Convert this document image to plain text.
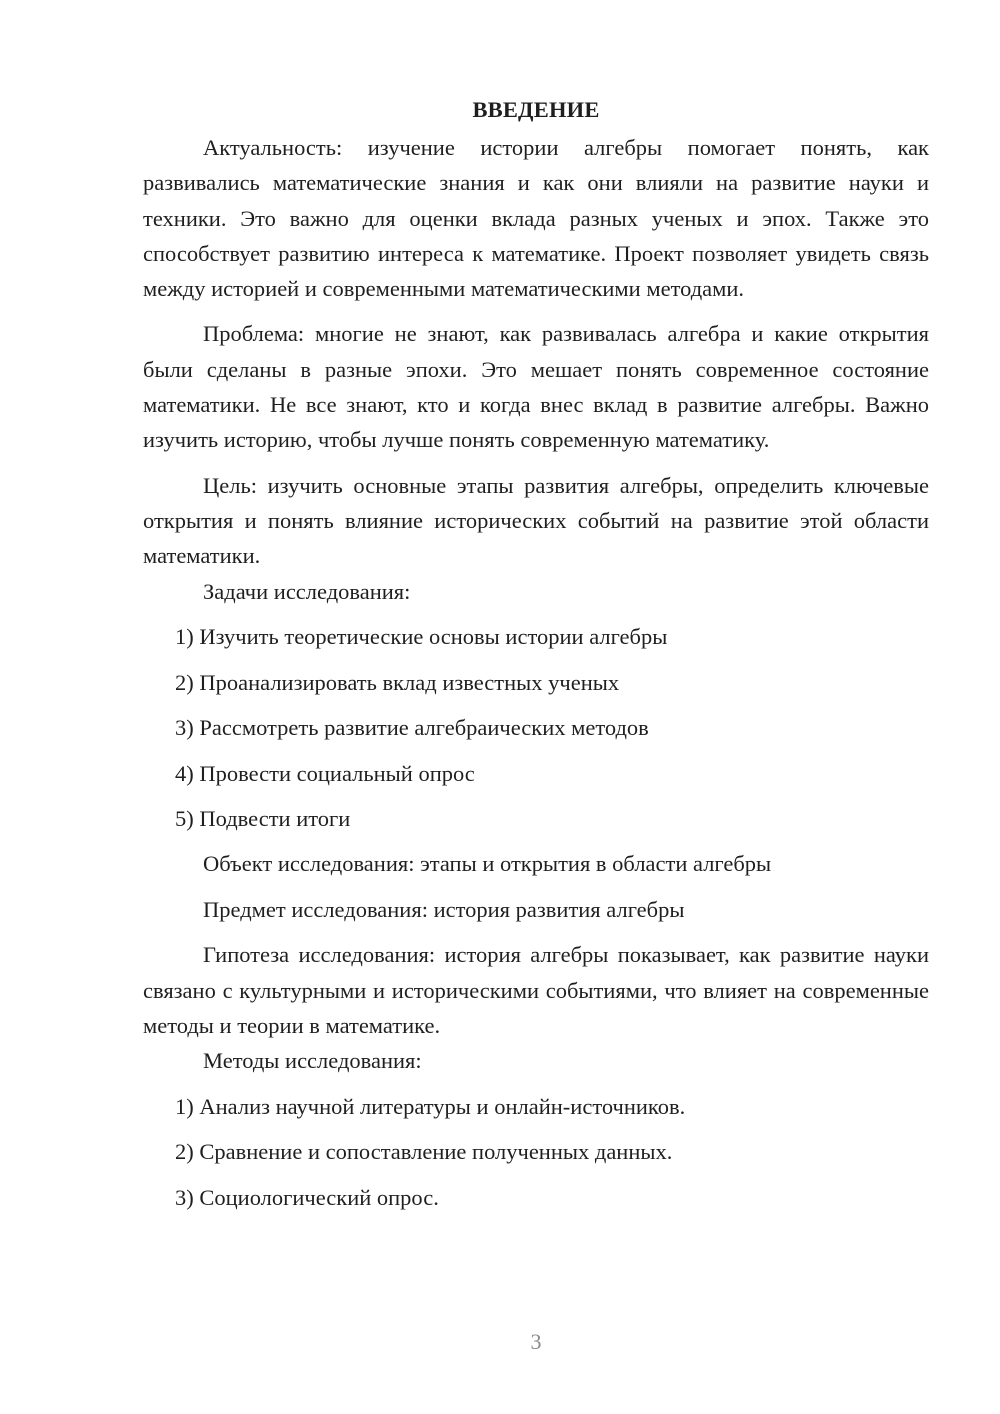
ВВЕДЕНИЕ

Актуальность: изучение истории алгебры помогает понять, как развивались математические знания и как они влияли на развитие науки и техники. Это важно для оценки вклада разных ученых и эпох. Также это способствует развитию интереса к математике. Проект позволяет увидеть связь между историей и современными математическими методами.

Проблема: многие не знают, как развивалась алгебра и какие открытия были сделаны в разные эпохи. Это мешает понять современное состояние математики. Не все знают, кто и когда внес вклад в развитие алгебры. Важно изучить историю, чтобы лучше понять современную математику.

Цель: изучить основные этапы развития алгебры, определить ключевые открытия и понять влияние исторических событий на развитие этой области математики.

Задачи исследования:
1) Изучить теоретические основы истории алгебры
2) Проанализировать вклад известных ученых
3) Рассмотреть развитие алгебраических методов
4) Провести социальный опрос
5) Подвести итоги
Объект исследования: этапы и открытия в области алгебры
Предмет исследования: история развития алгебры

Гипотеза исследования: история алгебры показывает, как развитие науки связано с культурными и историческими событиями, что влияет на современные методы и теории в математике.

Методы исследования:
1) Анализ научной литературы и онлайн-источников.
2) Сравнение и сопоставление полученных данных.
3) Социологический опрос.
3
